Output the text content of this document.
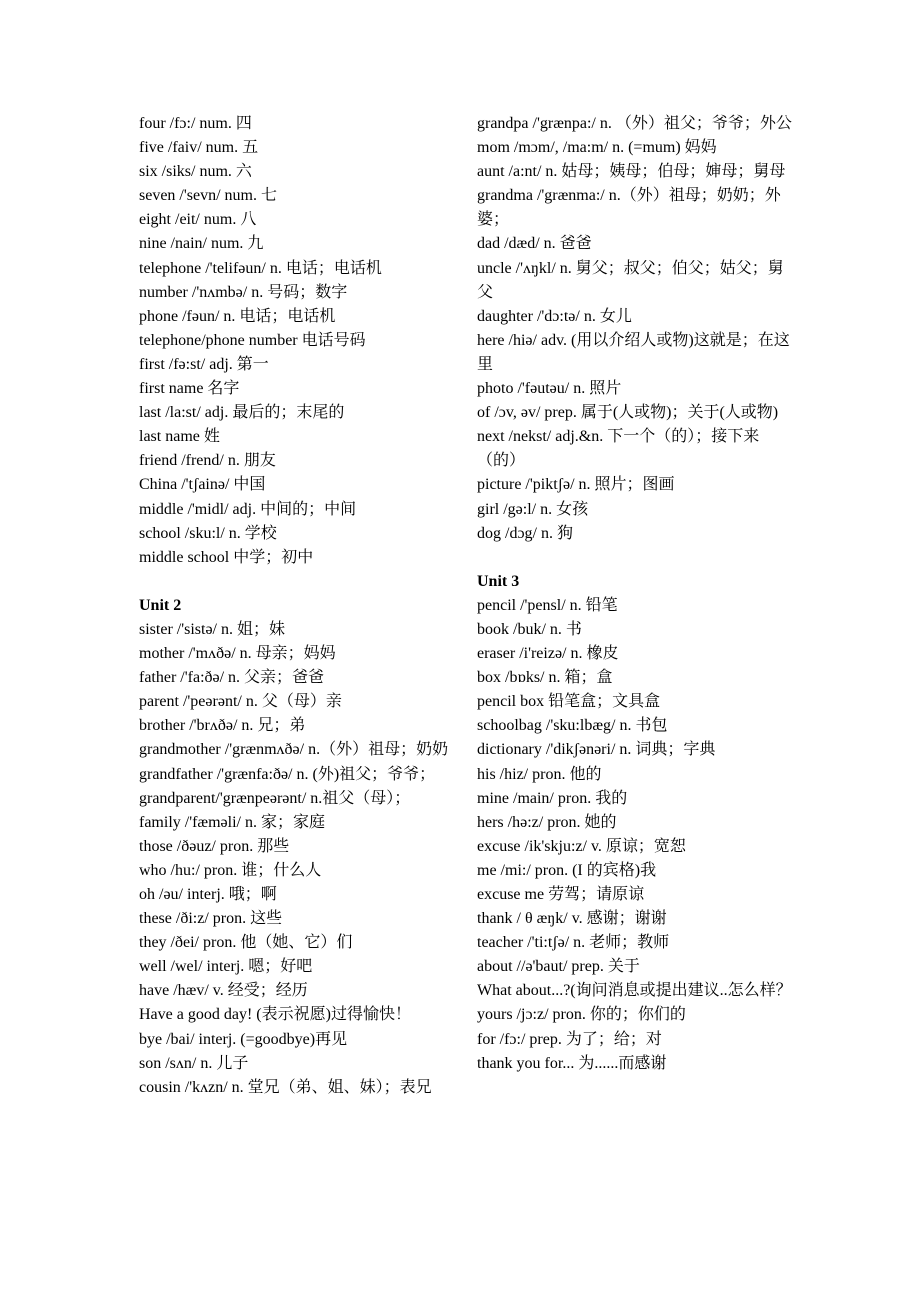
four /fɔ:/ num. 四
five /faiv/ num. 五
six /siks/ num. 六
seven /'sevn/ num. 七
eight /eit/ num. 八
nine /nain/ num. 九
telephone /'telifəun/ n. 电话；电话机
number /'nʌmbə/ n. 号码；数字
phone /fəun/ n. 电话；电话机
telephone/phone number 电话号码
first /fə:st/ adj. 第一
first name 名字
last /la:st/ adj. 最后的；末尾的
last name 姓
friend /frend/ n. 朋友
China /'tʃainə/ 中国
middle /'midl/ adj. 中间的；中间
school /sku:l/ n. 学校
middle school 中学；初中
Unit 2
sister /'sistə/ n. 姐；妹
mother /'mʌðə/ n. 母亲；妈妈
father /'fa:ðə/ n. 父亲；爸爸
parent /'peərənt/ n. 父（母）亲
brother /'brʌðə/ n. 兄；弟
grandmother /'grænmʌðə/ n.（外）祖母；奶奶 grandfather /'grænfa:ðə/ n. (外)祖父；爷爷；
grandparent/'grænpeərənt/ n.祖父（母）；
family /'fæməli/ n. 家；家庭
those /ðəuz/ pron. 那些
who /hu:/ pron. 谁；什么人
oh /əu/ interj. 哦；啊
these /ði:z/ pron. 这些
they /ðei/ pron. 他（她、它）们
well /wel/ interj. 嗯；好吧
have /hæv/ v. 经受；经历
Have a good day! (表示祝愿)过得愉快！
bye /bai/ interj. (=goodbye)再见
son /sʌn/ n. 儿子
cousin /'kʌzn/ n. 堂兄（弟、姐、妹）；表兄
grandpa /'grænpa:/ n. （外）祖父；爷爷；外公 mom /mɔm/, /ma:m/ n. (=mum) 妈妈
aunt /a:nt/ n. 姑母；姨母；伯母；婶母；舅母
grandma /'grænma:/ n.（外）祖母；奶奶；外婆；
dad /dæd/ n. 爸爸
uncle /'ʌŋkl/ n. 舅父；叔父；伯父；姑父；舅父
daughter /'dɔ:tə/ n. 女儿
here /hiə/ adv. (用以介绍人或物)这就是；在这里
photo /'fəutəu/ n. 照片
of /ɔv, əv/ prep. 属于(人或物)；关于(人或物)
next /nekst/ adj.&n. 下一个（的）；接下来（的）
picture /'piktʃə/ n. 照片；图画
girl /gə:l/ n. 女孩
dog /dɔg/ n. 狗
Unit 3
pencil /'pensl/ n. 铅笔
book /buk/ n. 书
eraser /i'reizə/ n. 橡皮
box /bɒks/ n. 箱；盒
pencil box 铅笔盒；文具盒
schoolbag /'sku:lbæg/ n. 书包
dictionary /'dikʃənəri/ n. 词典；字典
his /hiz/ pron. 他的
mine /main/ pron. 我的
hers /hə:z/ pron. 她的
excuse /ik'skju:z/ v. 原谅；宽恕
me /mi:/ pron. (I 的宾格)我
excuse me 劳驾；请原谅
thank / θ æŋk/ v. 感谢；谢谢
teacher /'ti:tʃə/ n. 老师；教师
about //ə'baut/ prep. 关于
What about...?(询问消息或提出建议..怎么样？
yours /jɔ:z/ pron. 你的；你们的
for /fɔ:/ prep. 为了；给；对
thank you for... 为......而感谢
